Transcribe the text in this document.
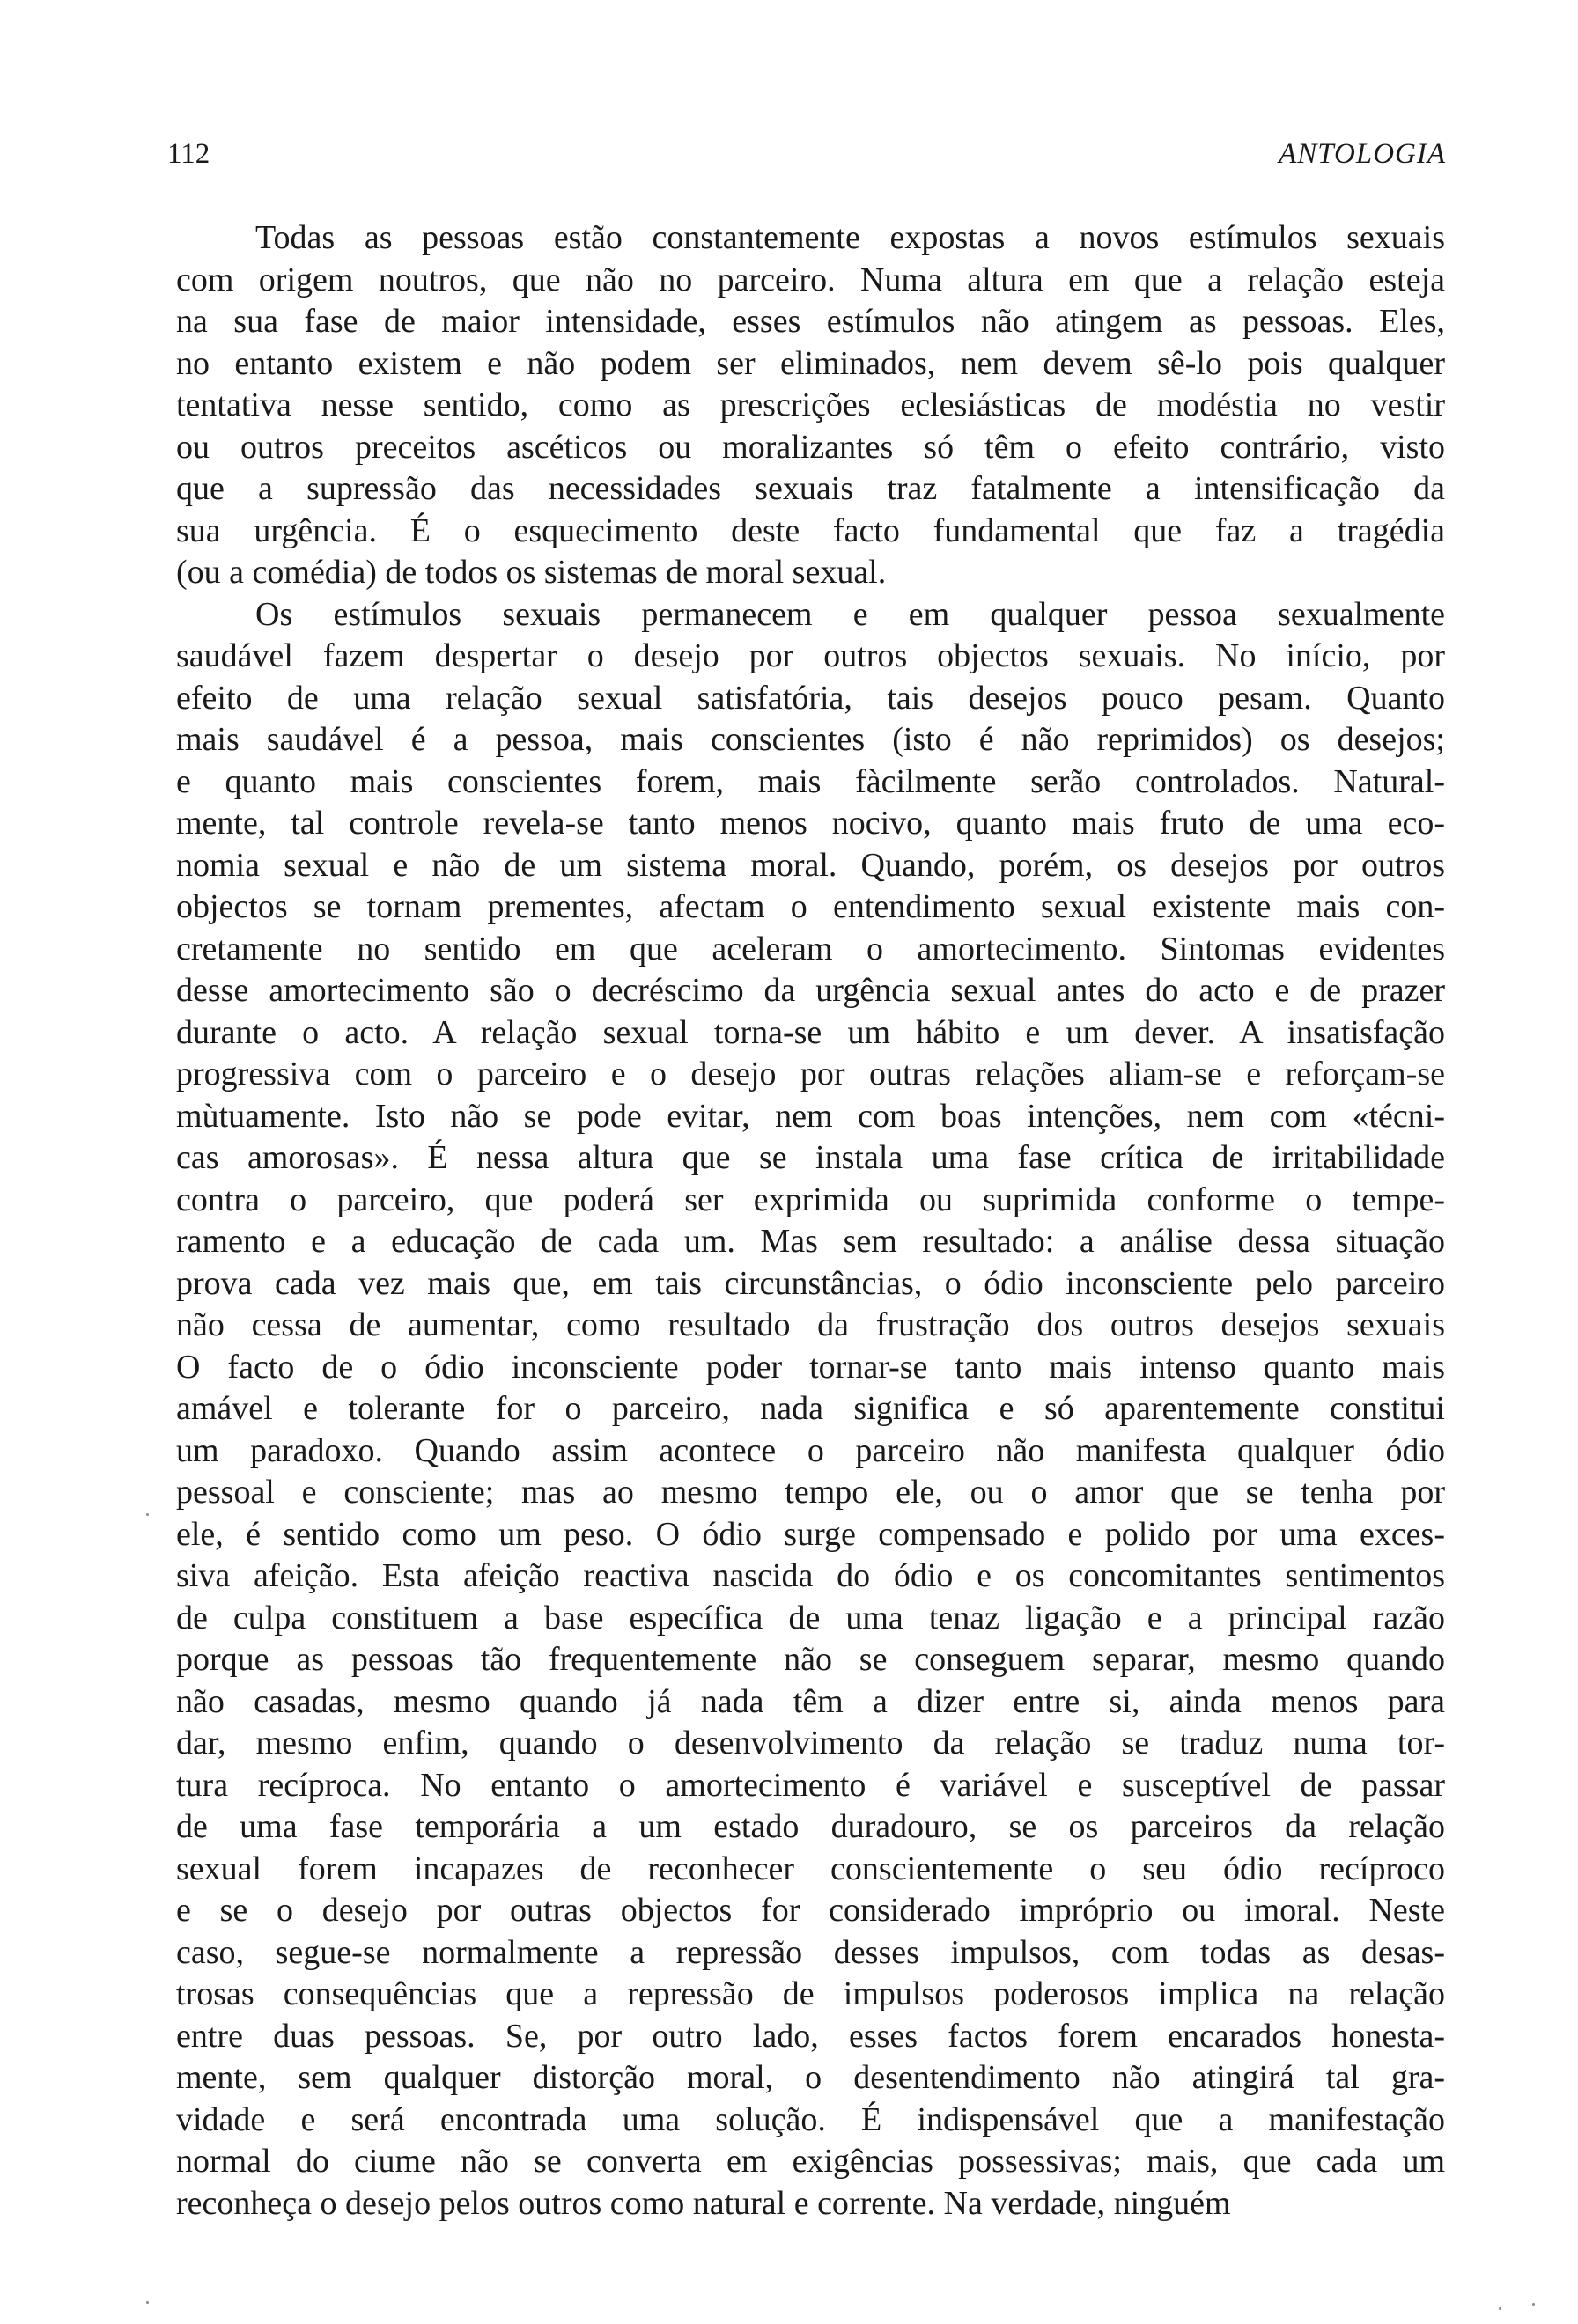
112	ANTOLOGIA
Todas as pessoas estão constantemente expostas a novos estímulos sexuais
com origem noutros, que não no parceiro. Numa altura em que a relação esteja
na sua fase de maior intensidade, esses estímulos não atingem as pessoas. Eles,
no entanto existem e não podem ser eliminados, nem devem sê-lo pois qualquer
tentativa nesse sentido, como as prescrições eclesiásticas de modéstia no vestir
ou outros preceitos ascéticos ou moralizantes só têm o efeito contrário, visto
que a supressão das necessidades sexuais traz fatalmente a intensificação da
sua urgência. É o esquecimento deste facto fundamental que faz a tragédia
(ou a comédia) de todos os sistemas de moral sexual.
Os estímulos sexuais permanecem e em qualquer pessoa sexualmente
saudável fazem despertar o desejo por outros objectos sexuais. No início, por
efeito de uma relação sexual satisfatória, tais desejos pouco pesam. Quanto
mais saudável é a pessoa, mais conscientes (isto é não reprimidos) os desejos;
e quanto mais conscientes forem, mais fàcilmente serão controlados. Natural-
mente, tal controle revela-se tanto menos nocivo, quanto mais fruto de uma eco-
nomia sexual e não de um sistema moral. Quando, porém, os desejos por outros
objectos se tornam prementes, afectam o entendimento sexual existente mais con-
cretamente no sentido em que aceleram o amortecimento. Sintomas evidentes
desse amortecimento são o decréscimo da urgência sexual antes do acto e de prazer
durante o acto. A relação sexual torna-se um hábito e um dever. A insatisfação
progressiva com o parceiro e o desejo por outras relações aliam-se e reforçam-se
mùtuamente. Isto não se pode evitar, nem com boas intenções, nem com «técni-
cas amorosas». É nessa altura que se instala uma fase crítica de irritabilidade
contra o parceiro, que poderá ser exprimida ou suprimida conforme o tempe-
ramento e a educação de cada um. Mas sem resultado: a análise dessa situação
prova cada vez mais que, em tais circunstâncias, o ódio inconsciente pelo parceiro
não cessa de aumentar, como resultado da frustração dos outros desejos sexuais
O facto de o ódio inconsciente poder tornar-se tanto mais intenso quanto mais
amável e tolerante for o parceiro, nada significa e só aparentemente constitui
um paradoxo. Quando assim acontece o parceiro não manifesta qualquer ódio
pessoal e consciente; mas ao mesmo tempo ele, ou o amor que se tenha por
ele, é sentido como um peso. O ódio surge compensado e polido por uma exces-
siva afeição. Esta afeição reactiva nascida do ódio e os concomitantes sentimentos
de culpa constituem a base específica de uma tenaz ligação e a principal razão
porque as pessoas tão frequentemente não se conseguem separar, mesmo quando
não casadas, mesmo quando já nada têm a dizer entre si, ainda menos para
dar, mesmo enfim, quando o desenvolvimento da relação se traduz numa tor-
tura recíproca. No entanto o amortecimento é variável e susceptível de passar
de uma fase temporária a um estado duradouro, se os parceiros da relação
sexual forem incapazes de reconhecer conscientemente o seu ódio recíproco
e se o desejo por outras objectos for considerado impróprio ou imoral. Neste
caso, segue-se normalmente a repressão desses impulsos, com todas as desas-
trosas consequências que a repressão de impulsos poderosos implica na relação
entre duas pessoas. Se, por outro lado, esses factos forem encarados honesta-
mente, sem qualquer distorção moral, o desentendimento não atingirá tal gra-
vidade e será encontrada uma solução. É indispensável que a manifestação
normal do ciume não se converta em exigências possessivas; mais, que cada um
reconheça o desejo pelos outros como natural e corrente. Na verdade, ninguém
